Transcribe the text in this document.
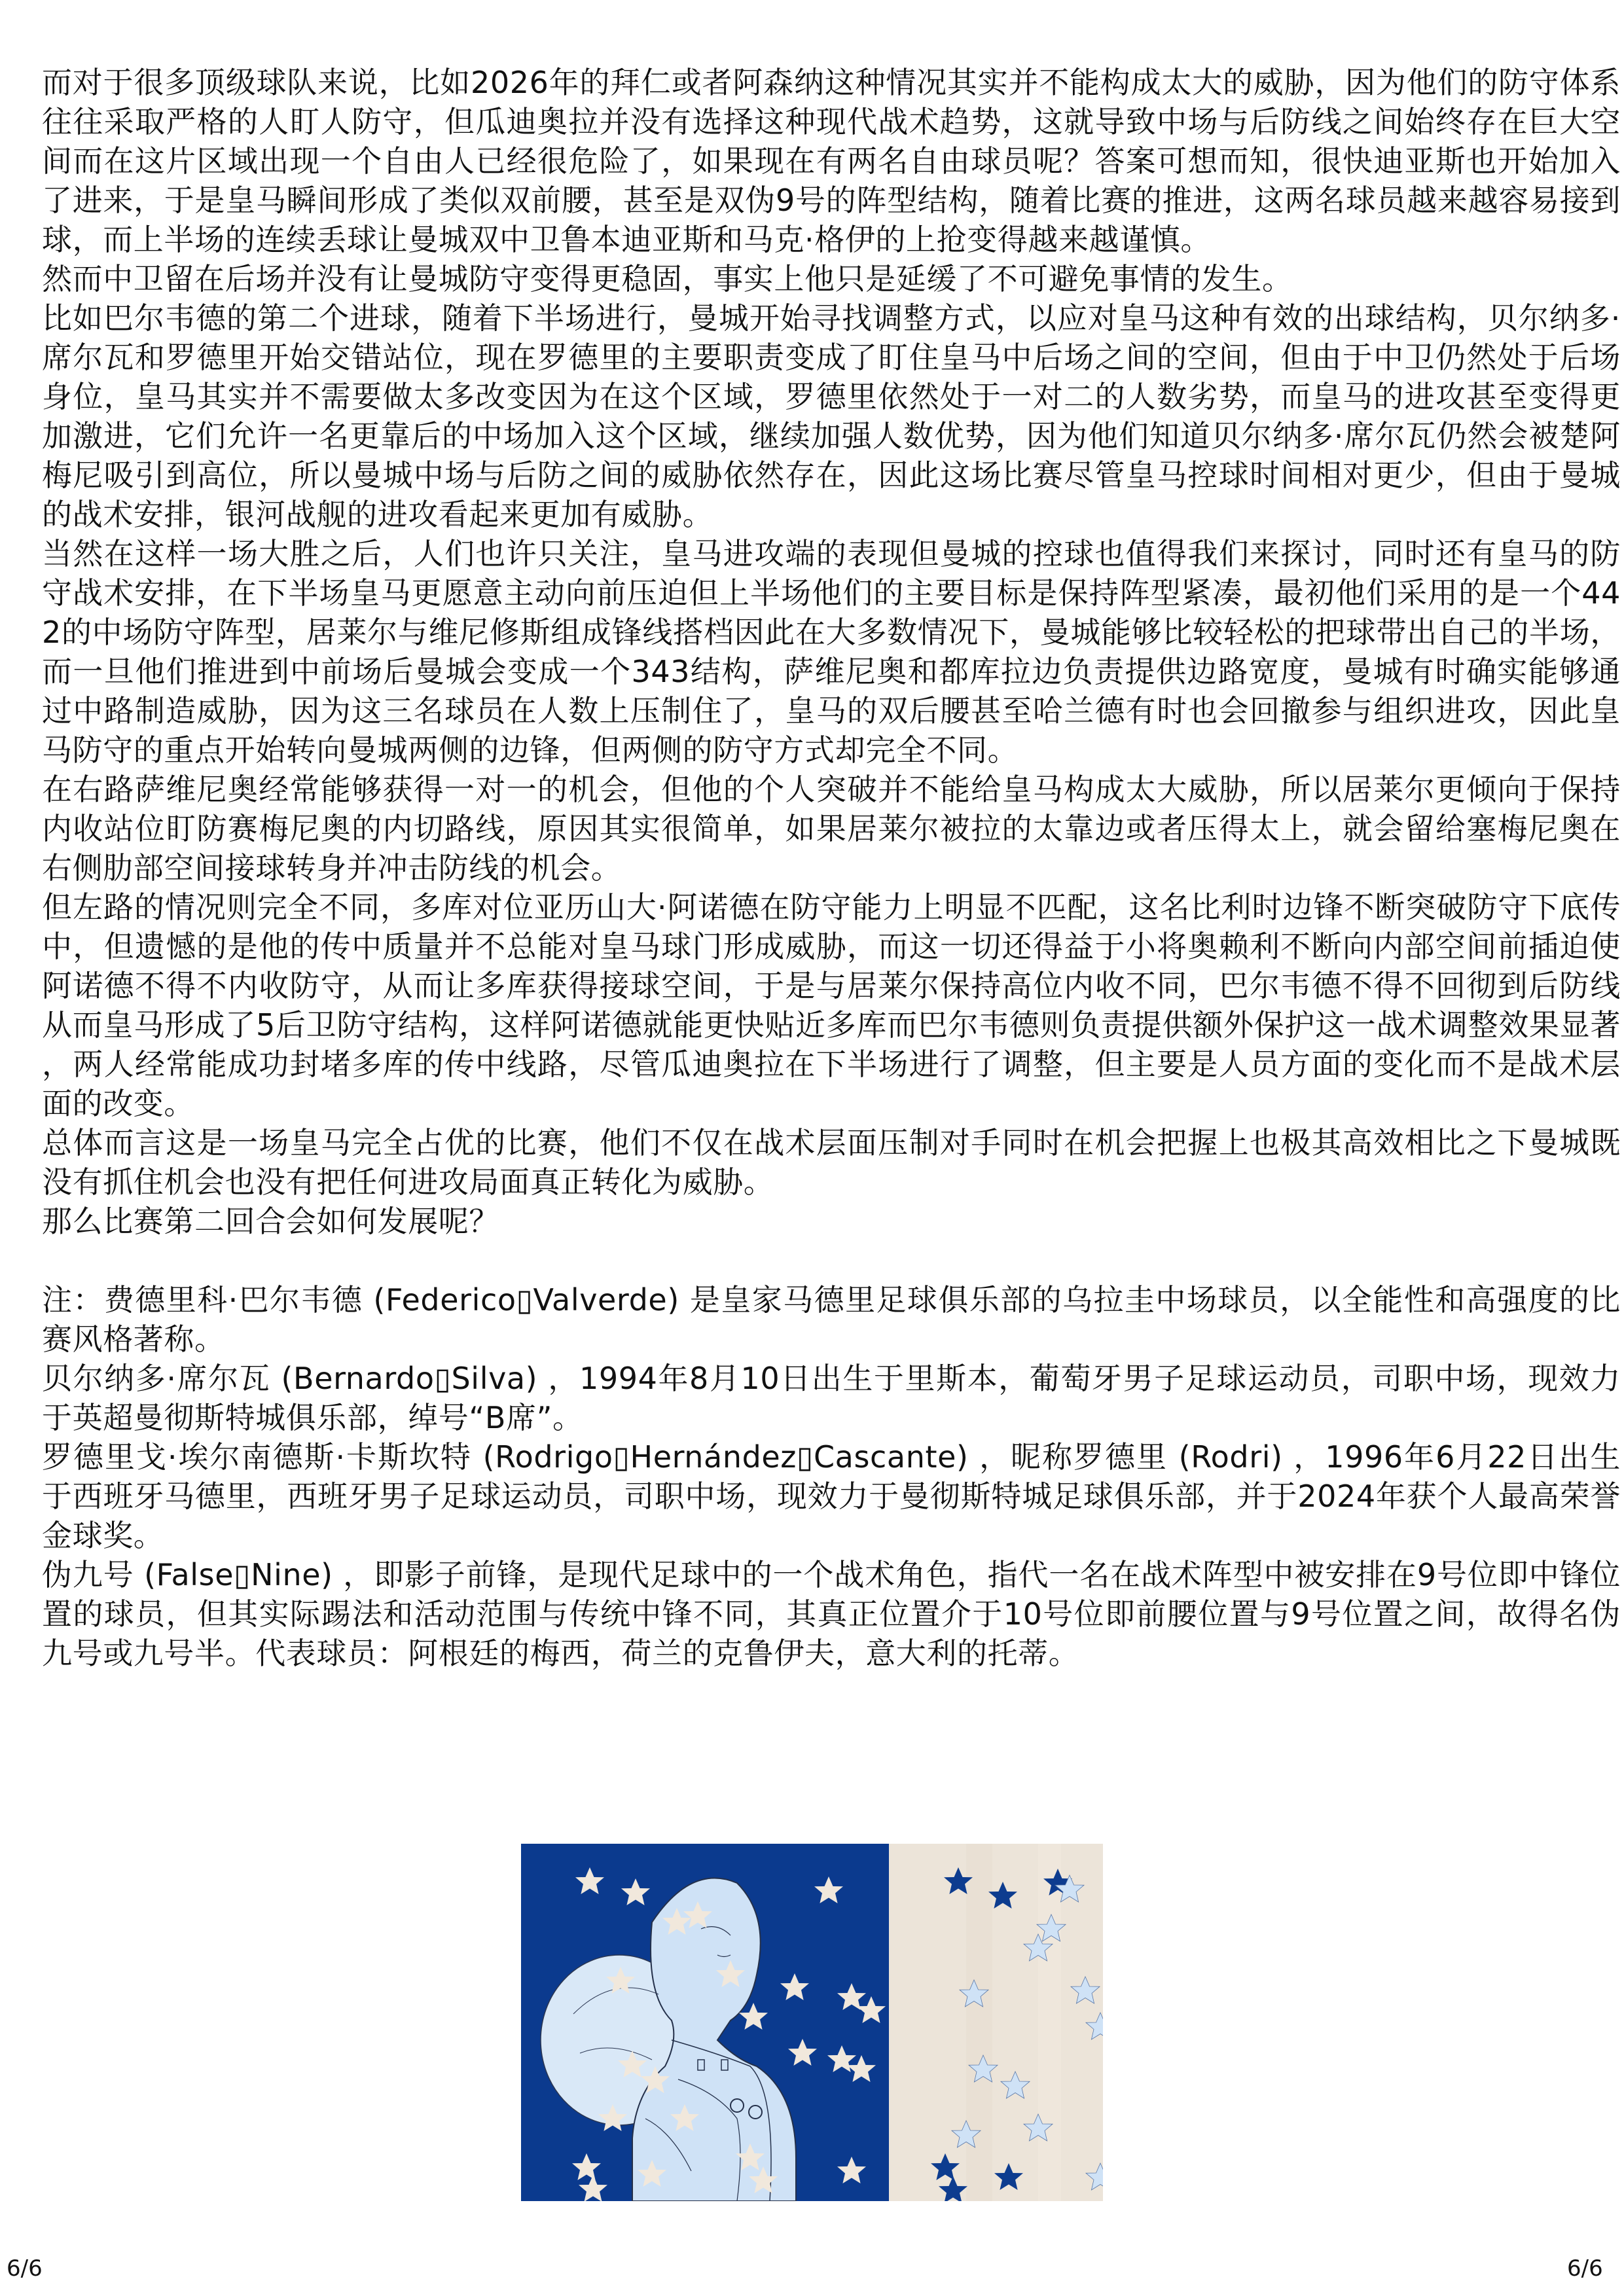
而对于很多顶级球队来说，比如2026年的拜仁或者阿森纳这种情况其实并不能构成太大的威胁，因为他们的防守体系往往采取严格的人盯人防守，但瓜迪奥拉并没有选择这种现代战术趋势，这就导致中场与后防线之间始终存在巨大空间而在这片区域出现一个自由人已经很危险了，如果现在有两名自由球员呢？答案可想而知，很快迪亚斯也开始加入了进来，于是皇马瞬间形成了类似双前腰，甚至是双伪9号的阵型结构，随着比赛的推进，这两名球员越来越容易接到球，而上半场的连续丢球让曼城双中卫鲁本迪亚斯和马克·格伊的上抢变得越来越谨慎。

然而中卫留在后场并没有让曼城防守变得更稳固，事实上他只是延缓了不可避免事情的发生。

比如巴尔韦德的第二个进球，随着下半场进行，曼城开始寻找调整方式，以应对皇马这种有效的出球结构，贝尔纳多·席尔瓦和罗德里开始交错站位，现在罗德里的主要职责变成了盯住皇马中后场之间的空间，但由于中卫仍然处于后场身位，皇马其实并不需要做太多改变因为在这个区域，罗德里依然处于一对二的人数劣势，而皇马的进攻甚至变得更加激进，它们允许一名更靠后的中场加入这个区域，继续加强人数优势，因为他们知道贝尔纳多·席尔瓦仍然会被楚阿梅尼吸引到高位，所以曼城中场与后防之间的威胁依然存在，因此这场比赛尽管皇马控球时间相对更少，但由于曼城的战术安排，银河战舰的进攻看起来更加有威胁。

当然在这样一场大胜之后，人们也许只关注，皇马进攻端的表现但曼城的控球也值得我们来探讨，同时还有皇马的防守战术安排，在下半场皇马更愿意主动向前压迫但上半场他们的主要目标是保持阵型紧凑，最初他们采用的是一个442的中场防守阵型，居莱尔与维尼修斯组成锋线搭档因此在大多数情况下，曼城能够比较轻松的把球带出自己的半场，而一旦他们推进到中前场后曼城会变成一个343结构，萨维尼奥和都库拉边负责提供边路宽度，曼城有时确实能够通过中路制造威胁，因为这三名球员在人数上压制住了，皇马的双后腰甚至哈兰德有时也会回撤参与组织进攻，因此皇马防守的重点开始转向曼城两侧的边锋，但两侧的防守方式却完全不同。

在右路萨维尼奥经常能够获得一对一的机会，但他的个人突破并不能给皇马构成太大威胁，所以居莱尔更倾向于保持内收站位盯防赛梅尼奥的内切路线，原因其实很简单，如果居莱尔被拉的太靠边或者压得太上，就会留给塞梅尼奥在右侧肋部空间接球转身并冲击防线的机会。

但左路的情况则完全不同，多库对位亚历山大·阿诺德在防守能力上明显不匹配，这名比利时边锋不断突破防守下底传中，但遗憾的是他的传中质量并不总能对皇马球门形成威胁，而这一切还得益于小将奥赖利不断向内部空间前插迫使阿诺德不得不内收防守，从而让多库获得接球空间，于是与居莱尔保持高位内收不同，巴尔韦德不得不回彻到后防线从而皇马形成了5后卫防守结构，这样阿诺德就能更快贴近多库而巴尔韦德则负责提供额外保护这一战术调整效果显著，两人经常能成功封堵多库的传中线路，尽管瓜迪奥拉在下半场进行了调整，但主要是人员方面的变化而不是战术层面的改变。

总体而言这是一场皇马完全占优的比赛，他们不仅在战术层面压制对手同时在机会把握上也极其高效相比之下曼城既没有抓住机会也没有把任何进攻局面真正转化为威胁。

那么比赛第二回合会如何发展呢？

注：费德里科·巴尔韦德 (Federico▯Valverde) 是皇家马德里足球俱乐部的乌拉圭中场球员，以全能性和高强度的比赛风格著称。

贝尔纳多·席尔瓦 (Bernardo▯Silva) ，1994年8月10日出生于里斯本，葡萄牙男子足球运动员，司职中场，现效力于英超曼彻斯特城俱乐部，绰号“B席”。

罗德里戈·埃尔南德斯·卡斯坎特 (Rodrigo▯Hernández▯Cascante) ，昵称罗德里 (Rodri) ，1996年6月22日出生于西班牙马德里，西班牙男子足球运动员，司职中场，现效力于曼彻斯特城足球俱乐部，并于2024年获个人最高荣誉金球奖。

伪九号 (False▯Nine) ，即影子前锋，是现代足球中的一个战术角色，指代一名在战术阵型中被安排在9号位即中锋位置的球员，但其实际踢法和活动范围与传统中锋不同，其真正位置介于10号位即前腰位置与9号位置之间，故得名伪九号或九号半。代表球员：阿根廷的梅西，荷兰的克鲁伊夫，意大利的托蒂。

6/6	6/6
